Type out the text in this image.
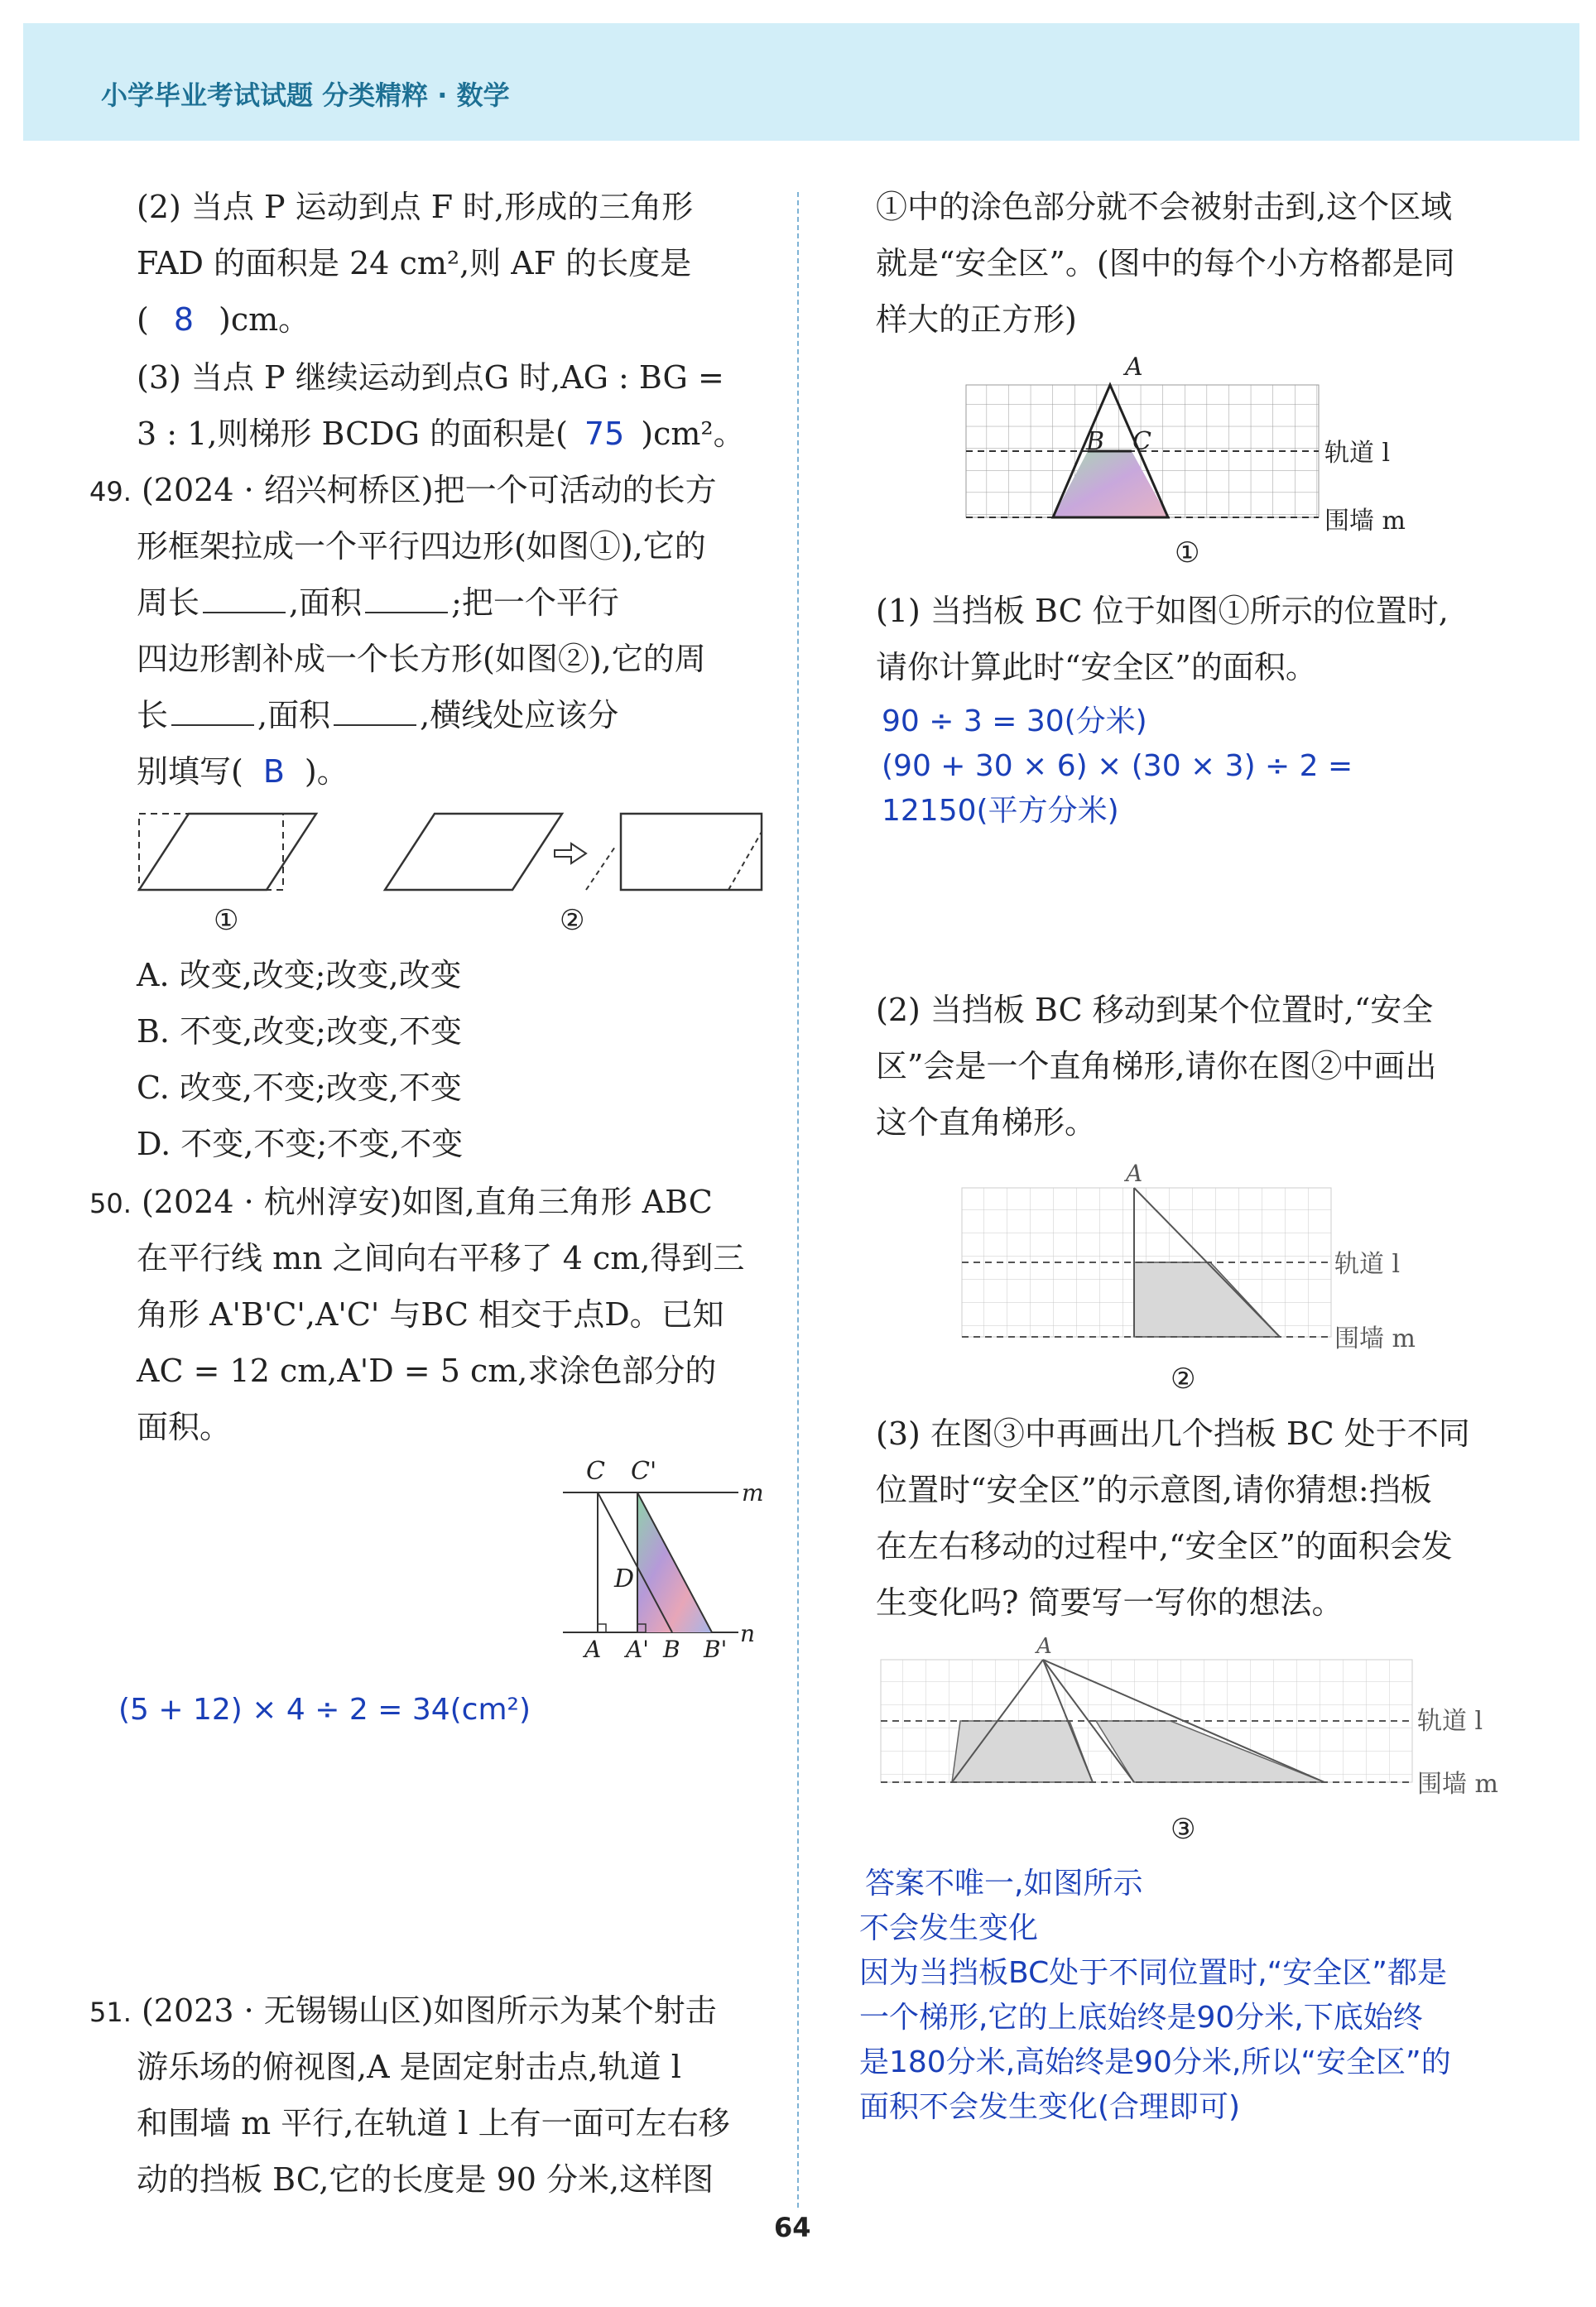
小学毕业考试试题 分类精粹 · 数学
(2) 当点 P 运动到点 F 时,形成的三角形
FAD 的面积是 24 cm²,则 AF 的长度是
( 8 )cm。
(3) 当点 P 继续运动到点G 时,AG : BG =
3 : 1,则梯形 BCDG 的面积是( 75 )cm²。
49. (2024 · 绍兴柯桥区)把一个可活动的长方
形框架拉成一个平行四边形(如图①),它的
周长	,面积	;把一个平行
四边形割补成一个长方形(如图②),它的周
长	,面积	,横线处应该分
别填写( B )。
①	②
A. 改变,改变;改变,改变
B. 不变,改变;改变,不变
C. 改变,不变;改变,不变
D. 不变,不变;不变,不变
50. (2024 · 杭州淳安)如图,直角三角形 ABC
在平行线 mn 之间向右平移了 4 cm,得到三
角形 A'B'C',A'C' 与BC 相交于点D。已知
AC = 12 cm,A'D = 5 cm,求涂色部分的
面积。
C C'
m
D
A A' B B'
n
(5 + 12) × 4 ÷ 2 = 34(cm²)
51. (2023 · 无锡锡山区)如图所示为某个射击
游乐场的俯视图,A 是固定射击点,轨道 l
和围墙 m 平行,在轨道 l 上有一面可左右移
动的挡板 BC,它的长度是 90 分米,这样图
①中的涂色部分就不会被射击到,这个区域
就是“安全区”。(图中的每个小方格都是同
样大的正方形)
A
B C	轨道 l
围墙 m
①
(1) 当挡板 BC 位于如图①所示的位置时,
请你计算此时“安全区”的面积。
90 ÷ 3 = 30(分米)
(90 + 30 × 6) × (30 × 3) ÷ 2 =
12150(平方分米)
(2) 当挡板 BC 移动到某个位置时,“安全
区”会是一个直角梯形,请你在图②中画出
这个直角梯形。
A
轨道 l
围墙 m
②
(3) 在图③中再画出几个挡板 BC 处于不同
位置时“安全区”的示意图,请你猜想:挡板
在左右移动的过程中,“安全区”的面积会发
生变化吗? 简要写一写你的想法。
A
轨道 l
围墙 m
③
答案不唯一,如图所示
不会发生变化
因为当挡板BC处于不同位置时,“安全区”都是
一个梯形,它的上底始终是90分米,下底始终
是180分米,高始终是90分米,所以“安全区”的
面积不会发生变化(合理即可)
64
